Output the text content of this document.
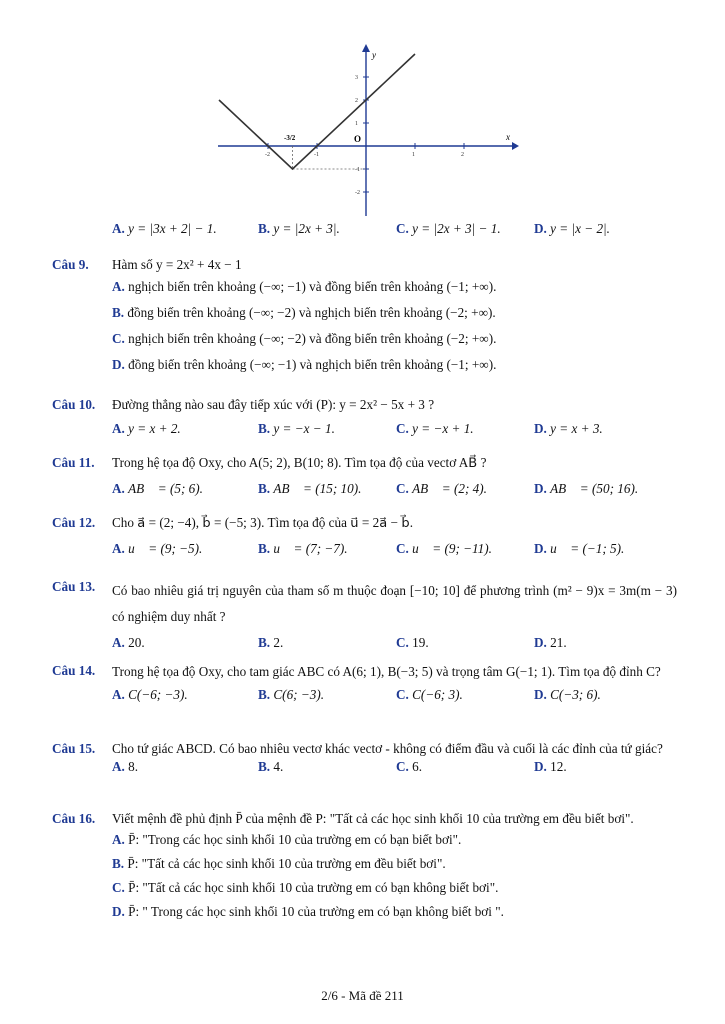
-2	-1	1	2
3
2
1
-1
-2
x
y
O
-3/2
A. y = |3x + 2| − 1.	B. y = |2x + 3|.	C. y = |2x + 3| − 1.	D. y = |x − 2|.
Câu 9. Hàm số y = 2x² + 4x − 1
A. nghịch biến trên khoảng (−∞; −1) và đồng biến trên khoảng (−1; +∞).
B. đồng biến trên khoảng (−∞; −2) và nghịch biến trên khoảng (−2; +∞).
C. nghịch biến trên khoảng (−∞; −2) và đồng biến trên khoảng (−2; +∞).
D. đồng biến trên khoảng (−∞; −1) và nghịch biến trên khoảng (−1; +∞).
Câu 10. Đường thẳng nào sau đây tiếp xúc với (P): y = 2x² − 5x + 3 ?
A. y = x + 2.	B. y = −x − 1.	C. y = −x + 1.	D. y = x + 3.
Câu 11. Trong hệ tọa độ Oxy, cho A(5; 2), B(10; 8). Tìm tọa độ của vectơ AB⃗ ?
A. AB⃗ = (5; 6).	B. AB⃗ = (15; 10).	C. AB⃗ = (2; 4).	D. AB⃗ = (50; 16).
Câu 12. Cho a⃗ = (2; −4), b⃗ = (−5; 3). Tìm tọa độ của u⃗ = 2a⃗ − b⃗.
A. u⃗ = (9; −5).	B. u⃗ = (7; −7).	C. u⃗ = (9; −11).	D. u⃗ = (−1; 5).
Câu 13. Có bao nhiêu giá trị nguyên của tham số m thuộc đoạn [−10; 10] để phương trình (m² − 9)x = 3m(m − 3) có nghiệm duy nhất ?
A. 20.	B. 2.	C. 19.	D. 21.
Câu 14. Trong hệ tọa độ Oxy, cho tam giác ABC có A(6; 1), B(−3; 5) và trọng tâm G(−1; 1). Tìm tọa độ đỉnh C?
A. C(−6; −3).	B. C(6; −3).	C. C(−6; 3).	D. C(−3; 6).
Câu 15. Cho tứ giác ABCD. Có bao nhiêu vectơ khác vectơ - không có điểm đầu và cuối là các đỉnh của tứ giác?
A. 8.	B. 4.	C. 6.	D. 12.
Câu 16. Viết mệnh đề phủ định P̄ của mệnh đề P: "Tất cả các học sinh khối 10 của trường em đều biết bơi".
A. P̄: "Trong các học sinh khối 10 của trường em có bạn biết bơi".
B. P̄: "Tất cả các học sinh khối 10 của trường em đều biết bơi".
C. P̄: "Tất cả các học sinh khối 10 của trường em có bạn không biết bơi".
D. P̄: " Trong các học sinh khối 10 của trường em có bạn không biết bơi ".
2/6 - Mã đề 211
